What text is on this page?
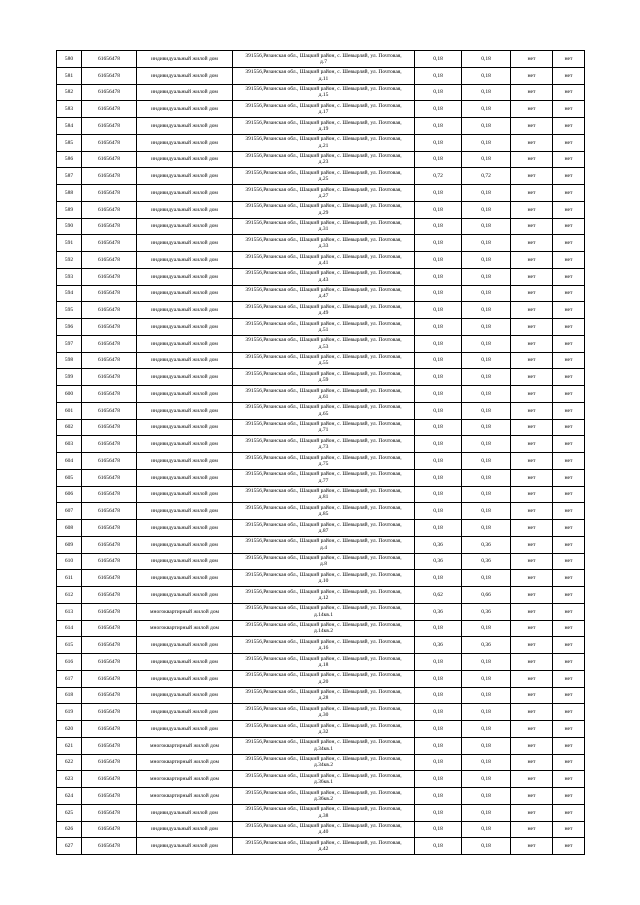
580	61656478	индивидуальный жилой дом	391556,Рязанская обл., Шацкий район, с. Шевырляй, ул. Почтовая,
д.7	0,18	0,18	нет	нет
581	61656478	индивидуальный жилой дом	391556,Рязанская обл., Шацкий район, с. Шевырляй, ул. Почтовая,
д.11	0,18	0,18	нет	нет
582	61656478	индивидуальный жилой дом	391556,Рязанская обл., Шацкий район, с. Шевырляй, ул. Почтовая,
д.15	0,18	0,18	нет	нет
583	61656478	индивидуальный жилой дом	391556,Рязанская обл., Шацкий район, с. Шевырляй, ул. Почтовая,
д.17	0,18	0,18	нет	нет
584	61656478	индивидуальный жилой дом	391556,Рязанская обл., Шацкий район, с. Шевырляй, ул. Почтовая,
д.19	0,18	0,18	нет	нет
585	61656478	индивидуальный жилой дом	391556,Рязанская обл., Шацкий район, с. Шевырляй, ул. Почтовая,
д.21	0,18	0,18	нет	нет
586	61656478	индивидуальный жилой дом	391556,Рязанская обл., Шацкий район, с. Шевырляй, ул. Почтовая,
д.23	0,18	0,18	нет	нет
587	61656478	индивидуальный жилой дом	391556,Рязанская обл., Шацкий район, с. Шевырляй, ул. Почтовая,
д.25	0,72	0,72	нет	нет
588	61656478	индивидуальный жилой дом	391556,Рязанская обл., Шацкий район, с. Шевырляй, ул. Почтовая,
д.27	0,18	0,18	нет	нет
589	61656478	индивидуальный жилой дом	391556,Рязанская обл., Шацкий район, с. Шевырляй, ул. Почтовая,
д.29	0,18	0,18	нет	нет
590	61656478	индивидуальный жилой дом	391556,Рязанская обл., Шацкий район, с. Шевырляй, ул. Почтовая,
д.31	0,18	0,18	нет	нет
591	61656478	индивидуальный жилой дом	391556,Рязанская обл., Шацкий район, с. Шевырляй, ул. Почтовая,
д.33	0,18	0,18	нет	нет
592	61656478	индивидуальный жилой дом	391556,Рязанская обл., Шацкий район, с. Шевырляй, ул. Почтовая,
д.41	0,18	0,18	нет	нет
593	61656478	индивидуальный жилой дом	391556,Рязанская обл., Шацкий район, с. Шевырляй, ул. Почтовая,
д.43	0,18	0,18	нет	нет
594	61656478	индивидуальный жилой дом	391556,Рязанская обл., Шацкий район, с. Шевырляй, ул. Почтовая,
д.47	0,18	0,18	нет	нет
595	61656478	индивидуальный жилой дом	391556,Рязанская обл., Шацкий район, с. Шевырляй, ул. Почтовая,
д.49	0,18	0,18	нет	нет
596	61656478	индивидуальный жилой дом	391556,Рязанская обл., Шацкий район, с. Шевырляй, ул. Почтовая,
д.51	0,18	0,18	нет	нет
597	61656478	индивидуальный жилой дом	391556,Рязанская обл., Шацкий район, с. Шевырляй, ул. Почтовая,
д.53	0,18	0,18	нет	нет
598	61656478	индивидуальный жилой дом	391556,Рязанская обл., Шацкий район, с. Шевырляй, ул. Почтовая,
д.55	0,18	0,18	нет	нет
599	61656478	индивидуальный жилой дом	391556,Рязанская обл., Шацкий район, с. Шевырляй, ул. Почтовая,
д.59	0,18	0,18	нет	нет
600	61656478	индивидуальный жилой дом	391556,Рязанская обл., Шацкий район, с. Шевырляй, ул. Почтовая,
д.61	0,18	0,18	нет	нет
601	61656478	индивидуальный жилой дом	391556,Рязанская обл., Шацкий район, с. Шевырляй, ул. Почтовая,
д.65	0,18	0,18	нет	нет
602	61656478	индивидуальный жилой дом	391556,Рязанская обл., Шацкий район, с. Шевырляй, ул. Почтовая,
д.71	0,18	0,18	нет	нет
603	61656478	индивидуальный жилой дом	391556,Рязанская обл., Шацкий район, с. Шевырляй, ул. Почтовая,
д.73	0,18	0,18	нет	нет
604	61656478	индивидуальный жилой дом	391556,Рязанская обл., Шацкий район, с. Шевырляй, ул. Почтовая,
д.75	0,18	0,18	нет	нет
605	61656478	индивидуальный жилой дом	391556,Рязанская обл., Шацкий район, с. Шевырляй, ул. Почтовая,
д.77	0,18	0,18	нет	нет
606	61656478	индивидуальный жилой дом	391556,Рязанская обл., Шацкий район, с. Шевырляй, ул. Почтовая,
д.81	0,18	0,18	нет	нет
607	61656478	индивидуальный жилой дом	391556,Рязанская обл., Шацкий район, с. Шевырляй, ул. Почтовая,
д.85	0,18	0,18	нет	нет
608	61656478	индивидуальный жилой дом	391556,Рязанская обл., Шацкий район, с. Шевырляй, ул. Почтовая,
д.87	0,18	0,18	нет	нет
609	61656478	индивидуальный жилой дом	391556,Рязанская обл., Шацкий район, с. Шевырляй, ул. Почтовая,
д.4	0,36	0,36	нет	нет
610	61656478	индивидуальный жилой дом	391556,Рязанская обл., Шацкий район, с. Шевырляй, ул. Почтовая,
д.8	0,36	0,36	нет	нет
611	61656478	индивидуальный жилой дом	391556,Рязанская обл., Шацкий район, с. Шевырляй, ул. Почтовая,
д.10	0,18	0,18	нет	нет
612	61656478	индивидуальный жилой дом	391556,Рязанская обл., Шацкий район, с. Шевырляй, ул. Почтовая,
д.12	0,62	0,66	нет	нет
613	61656478	многоквартирный жилой дом	391556,Рязанская обл., Шацкий район, с. Шевырляй, ул. Почтовая,
д.14кв.1	0,36	0,36	нет	нет
614	61656478	многоквартирный жилой дом	391556,Рязанская обл., Шацкий район, с. Шевырляй, ул. Почтовая,
д.14кв.2	0,18	0,18	нет	нет
615	61656478	индивидуальный жилой дом	391556,Рязанская обл., Шацкий район, с. Шевырляй, ул. Почтовая,
д.16	0,36	0,36	нет	нет
616	61656478	индивидуальный жилой дом	391556,Рязанская обл., Шацкий район, с. Шевырляй, ул. Почтовая,
д.18	0,18	0,18	нет	нет
617	61656478	индивидуальный жилой дом	391556,Рязанская обл., Шацкий район, с. Шевырляй, ул. Почтовая,
д.20	0,18	0,18	нет	нет
618	61656478	индивидуальный жилой дом	391556,Рязанская обл., Шацкий район, с. Шевырляй, ул. Почтовая,
д.28	0,18	0,18	нет	нет
619	61656478	индивидуальный жилой дом	391556,Рязанская обл., Шацкий район, с. Шевырляй, ул. Почтовая,
д.30	0,18	0,18	нет	нет
620	61656478	индивидуальный жилой дом	391556,Рязанская обл., Шацкий район, с. Шевырляй, ул. Почтовая,
д.32	0,18	0,18	нет	нет
621	61656478	многоквартирный жилой дом	391556,Рязанская обл., Шацкий район, с. Шевырляй, ул. Почтовая,
д.34кв.1	0,18	0,18	нет	нет
622	61656478	многоквартирный жилой дом	391556,Рязанская обл., Шацкий район, с. Шевырляй, ул. Почтовая,
д.34кв.2	0,18	0,18	нет	нет
623	61656478	многоквартирный жилой дом	391556,Рязанская обл., Шацкий район, с. Шевырляй, ул. Почтовая,
д.36кв.1	0,18	0,18	нет	нет
624	61656478	многоквартирный жилой дом	391556,Рязанская обл., Шацкий район, с. Шевырляй, ул. Почтовая,
д.36кв.2	0,18	0,18	нет	нет
625	61656478	индивидуальный жилой дом	391556,Рязанская обл., Шацкий район, с. Шевырляй, ул. Почтовая,
д.38	0,18	0,18	нет	нет
626	61656478	индивидуальный жилой дом	391556,Рязанская обл., Шацкий район, с. Шевырляй, ул. Почтовая,
д.40	0,18	0,18	нет	нет
627	61656478	индивидуальный жилой дом	391556,Рязанская обл., Шацкий район, с. Шевырляй, ул. Почтовая,
д.42	0,18	0,18	нет	нет
